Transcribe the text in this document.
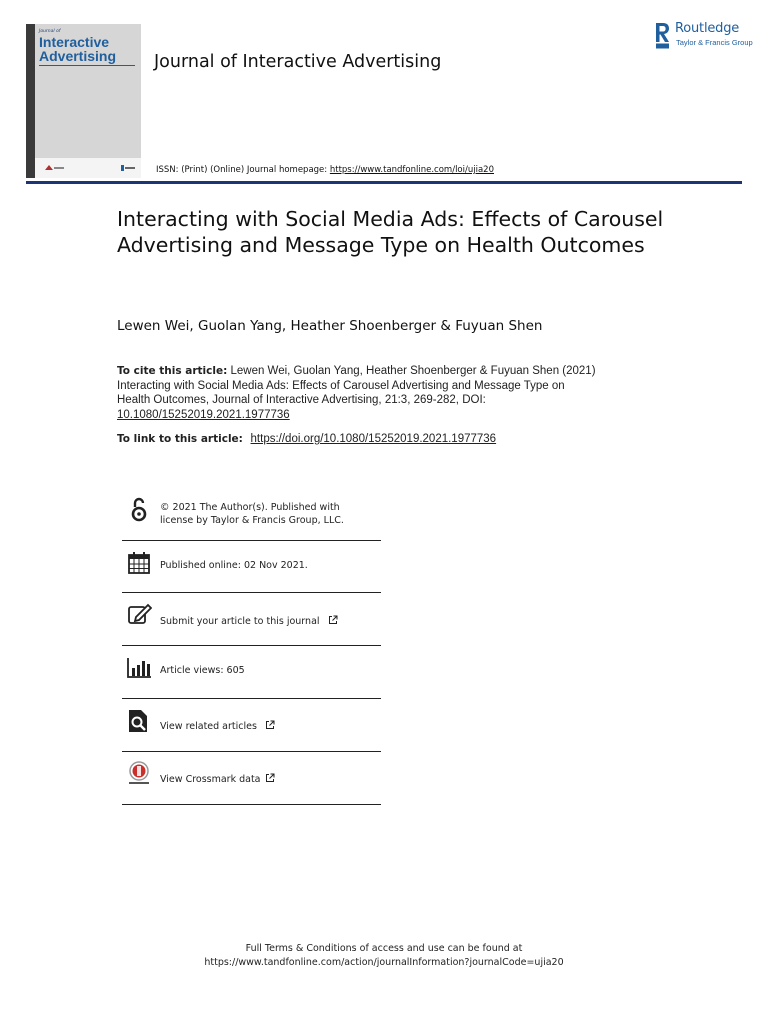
Journal of
Interactive
Advertising Journal of Interactive Advertising
Routledge
Taylor & Francis Group
ISSN: (Print) (Online) Journal homepage: https://www.tandfonline.com/loi/ujia20
Interacting with Social Media Ads: Effects of Carousel Advertising and Message Type on Health Outcomes
Lewen Wei, Guolan Yang, Heather Shoenberger & Fuyuan Shen
To cite this article: Lewen Wei, Guolan Yang, Heather Shoenberger & Fuyuan Shen (2021) Interacting with Social Media Ads: Effects of Carousel Advertising and Message Type on Health Outcomes, Journal of Interactive Advertising, 21:3, 269-282, DOI: 10.1080/15252019.2021.1977736
To link to this article: https://doi.org/10.1080/15252019.2021.1977736
© 2021 The Author(s). Published with
license by Taylor & Francis Group, LLC.
Published online: 02 Nov 2021.
Submit your article to this journal
Article views: 605
View related articles
View Crossmark data
Full Terms & Conditions of access and use can be found at
https://www.tandfonline.com/action/journalInformation?journalCode=ujia20
